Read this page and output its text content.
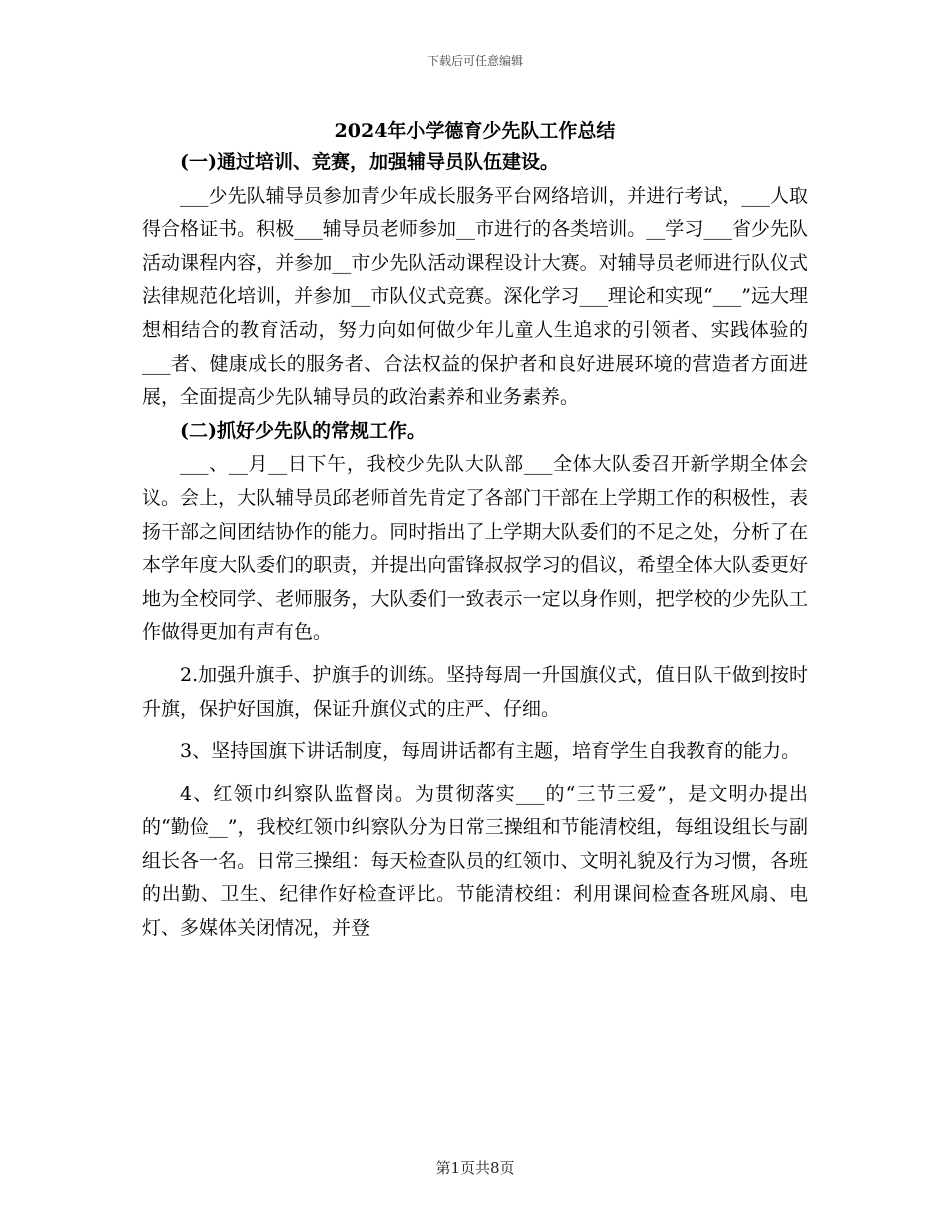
下载后可任意编辑
2024年小学德育少先队工作总结

(一)通过培训、竞赛，加强辅导员队伍建设。

___少先队辅导员参加青少年成长服务平台网络培训，并进行考试，___人取得合格证书。积极___辅导员老师参加__市进行的各类培训。__学习___省少先队活动课程内容，并参加__市少先队活动课程设计大赛。对辅导员老师进行队仪式法律规范化培训，并参加__市队仪式竞赛。深化学习___理论和实现“___”远大理想相结合的教育活动，努力向如何做少年儿童人生追求的引领者、实践体验的___者、健康成长的服务者、合法权益的保护者和良好进展环境的营造者方面进展，全面提高少先队辅导员的政治素养和业务素养。

(二)抓好少先队的常规工作。

___、__月__日下午，我校少先队大队部___全体大队委召开新学期全体会议。会上，大队辅导员邱老师首先肯定了各部门干部在上学期工作的积极性，表扬干部之间团结协作的能力。同时指出了上学期大队委们的不足之处，分析了在本学年度大队委们的职责，并提出向雷锋叔叔学习的倡议，希望全体大队委更好地为全校同学、老师服务，大队委们一致表示一定以身作则，把学校的少先队工作做得更加有声有色。

2.加强升旗手、护旗手的训练。坚持每周一升国旗仪式，值日队干做到按时升旗，保护好国旗，保证升旗仪式的庄严、仔细。

3、坚持国旗下讲话制度，每周讲话都有主题，培育学生自我教育的能力。

4、红领巾纠察队监督岗。为贯彻落实___的“三节三爱”，是文明办提出的“勤俭__”，我校红领巾纠察队分为日常三操组和节能清校组，每组设组长与副组长各一名。日常三操组：每天检查队员的红领巾、文明礼貌及行为习惯，各班的出勤、卫生、纪律作好检查评比。节能清校组：利用课间检查各班风扇、电灯、多媒体关闭情况，并登

第1页共8页
